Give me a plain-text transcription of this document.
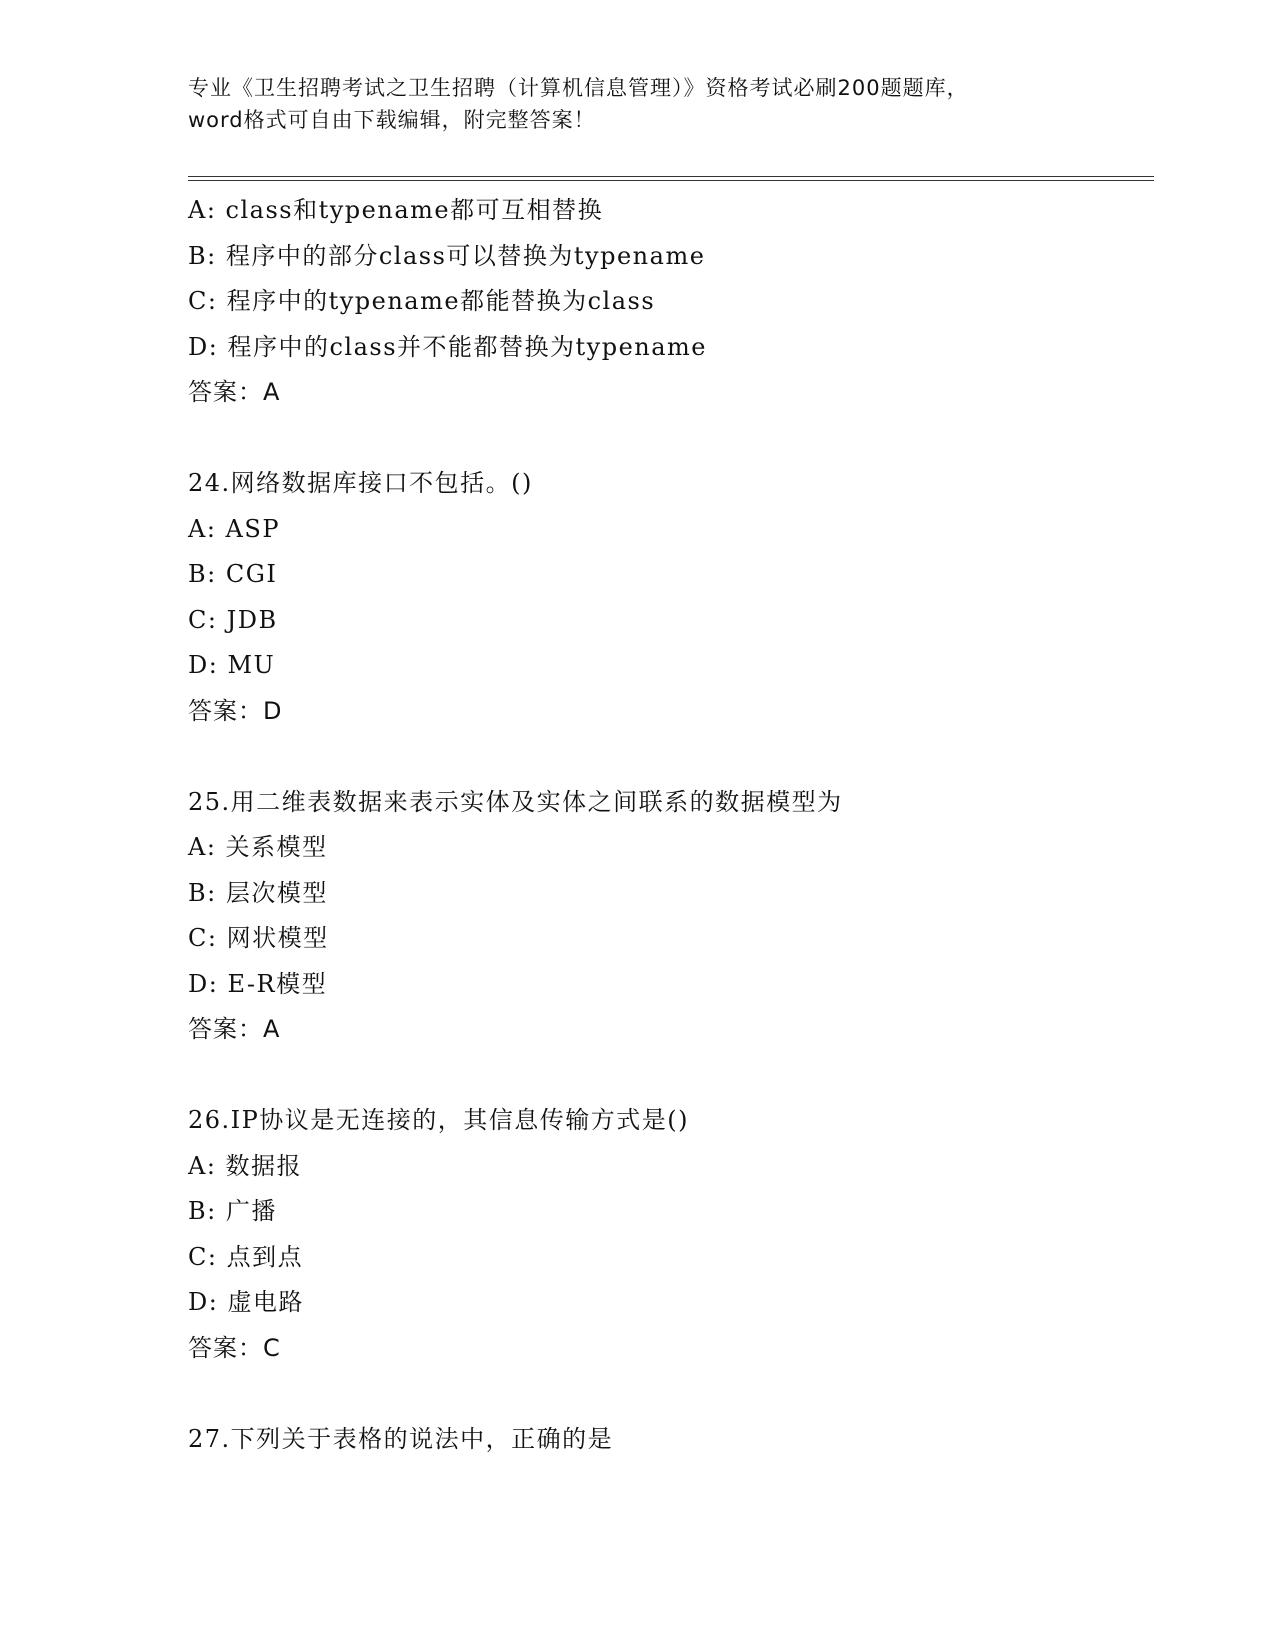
专业《卫生招聘考试之卫生招聘（计算机信息管理）》资格考试必刷200题题库，
word格式可自由下载编辑，附完整答案！
A: class和typename都可互相替换
B: 程序中的部分class可以替换为typename
C: 程序中的typename都能替换为class
D: 程序中的class并不能都替换为typename
答案：A
24.网络数据库接口不包括。()
A: ASP
B: CGI
C: JDB
D: MU
答案：D
25.用二维表数据来表示实体及实体之间联系的数据模型为
A: 关系模型
B: 层次模型
C: 网状模型
D: E-R模型
答案：A
26.IP协议是无连接的，其信息传输方式是()
A: 数据报
B: 广播
C: 点到点
D: 虚电路
答案：C
27.下列关于表格的说法中，正确的是
